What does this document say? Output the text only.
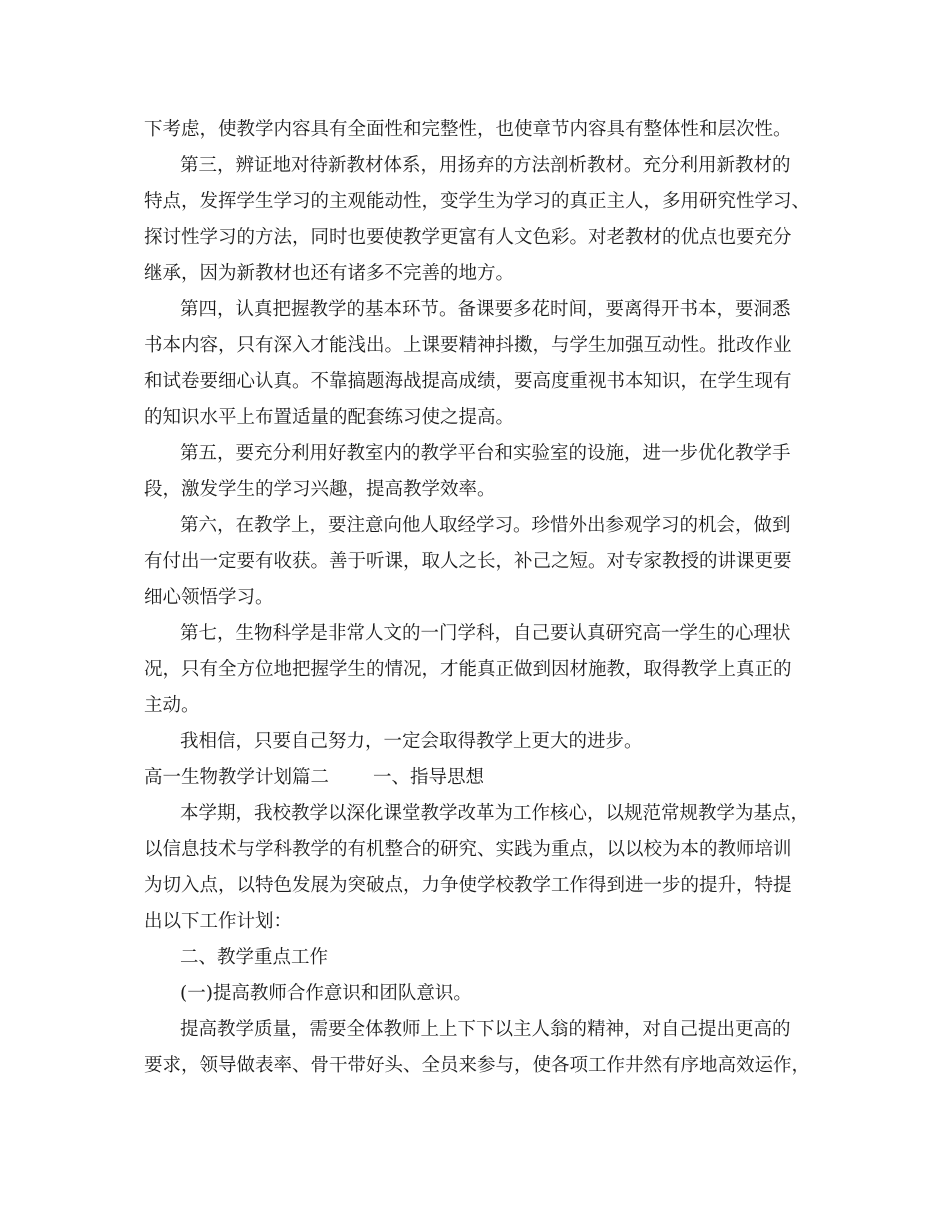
下考虑，使教学内容具有全面性和完整性，也使章节内容具有整体性和层次性。
第三，辨证地对待新教材体系，用扬弃的方法剖析教材。充分利用新教材的
特点，发挥学生学习的主观能动性，变学生为学习的真正主人，多用研究性学习、
探讨性学习的方法，同时也要使教学更富有人文色彩。对老教材的优点也要充分
继承，因为新教材也还有诸多不完善的地方。
第四，认真把握教学的基本环节。备课要多花时间，要离得开书本，要洞悉
书本内容，只有深入才能浅出。上课要精神抖擞，与学生加强互动性。批改作业
和试卷要细心认真。不靠搞题海战提高成绩，要高度重视书本知识，在学生现有
的知识水平上布置适量的配套练习使之提高。
第五，要充分利用好教室内的教学平台和实验室的设施，进一步优化教学手
段，激发学生的学习兴趣，提高教学效率。
第六，在教学上，要注意向他人取经学习。珍惜外出参观学习的机会，做到
有付出一定要有收获。善于听课，取人之长，补己之短。对专家教授的讲课更要
细心领悟学习。
第七，生物科学是非常人文的一门学科，自己要认真研究高一学生的心理状
况，只有全方位地把握学生的情况，才能真正做到因材施教，取得教学上真正的
主动。
我相信，只要自己努力，一定会取得教学上更大的进步。
高一生物教学计划篇二 一、指导思想
本学期，我校教学以深化课堂教学改革为工作核心，以规范常规教学为基点，
以信息技术与学科教学的有机整合的研究、实践为重点，以以校为本的教师培训
为切入点，以特色发展为突破点，力争使学校教学工作得到进一步的提升，特提
出以下工作计划：
二、教学重点工作
(一)提高教师合作意识和团队意识。
提高教学质量，需要全体教师上上下下以主人翁的精神，对自己提出更高的
要求，领导做表率、骨干带好头、全员来参与，使各项工作井然有序地高效运作，
